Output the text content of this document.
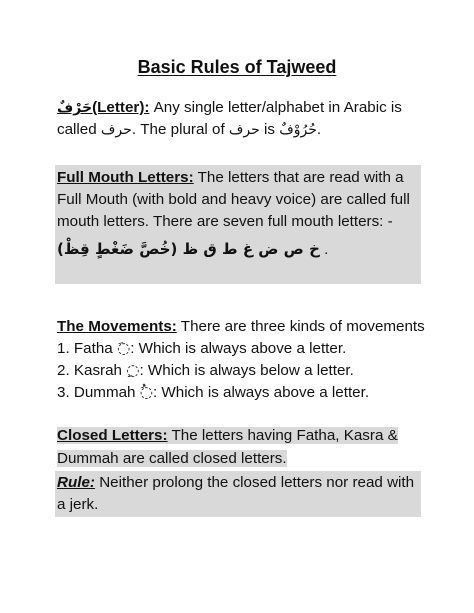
Basic Rules of Tajweed
حَرْفٌ(Letter): Any single letter/alphabet in Arabic is called حرف. The plural of حرف is حُرُوْفٌ.
Full Mouth Letters: The letters that are read with a Full Mouth (with bold and heavy voice) are called full mouth letters. There are seven full mouth letters: -
(خُصَّ ضَغْطٍ قِظْ) خ ص ض غ ط ق ظ .
The Movements: There are three kinds of movements
1. Fatha ◌َ: Which is always above a letter.
2. Kasrah ◌ِ: Which is always below a letter.
3. Dummah ◌ُ: Which is always above a letter.
Closed Letters: The letters having Fatha, Kasra &
Dummah are called closed letters.
Rule: Neither prolong the closed letters nor read with a jerk.
